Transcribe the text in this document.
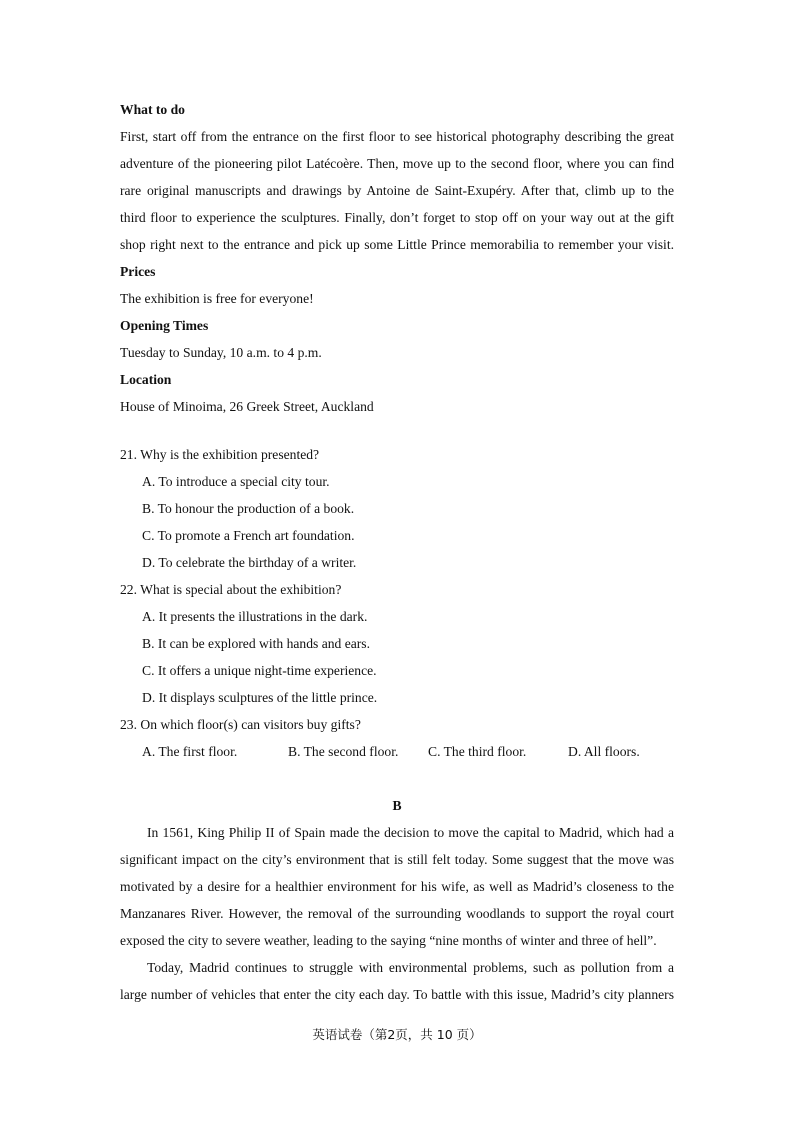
What to do
First, start off from the entrance on the first floor to see historical photography describing the great
adventure of the pioneering pilot Latécoère. Then, move up to the second floor, where you can find
rare original manuscripts and drawings by Antoine de Saint-Exupéry. After that, climb up to the
third floor to experience the sculptures. Finally, don’t forget to stop off on your way out at the gift
shop right next to the entrance and pick up some Little Prince memorabilia to remember your visit.
Prices
The exhibition is free for everyone!
Opening Times
Tuesday to Sunday, 10 a.m. to 4 p.m.
Location
House of Minoima, 26 Greek Street, Auckland
21. Why is the exhibition presented?
A. To introduce a special city tour.
B. To honour the production of a book.
C. To promote a French art foundation.
D. To celebrate the birthday of a writer.
22. What is special about the exhibition?
A. It presents the illustrations in the dark.
B. It can be explored with hands and ears.
C. It offers a unique night-time experience.
D. It displays sculptures of the little prince.
23. On which floor(s) can visitors buy gifts?
A. The first floor.	B. The second floor. C. The third floor.	D. All floors.
B
In 1561, King Philip II of Spain made the decision to move the capital to Madrid, which had a
significant impact on the city’s environment that is still felt today. Some suggest that the move was
motivated by a desire for a healthier environment for his wife, as well as Madrid’s closeness to the
Manzanares River. However, the removal of the surrounding woodlands to support the royal court
exposed the city to severe weather, leading to the saying “nine months of winter and three of hell”.
Today, Madrid continues to struggle with environmental problems, such as pollution from a
large number of vehicles that enter the city each day. To battle with this issue, Madrid’s city planners
英语试卷（第2页，共 10 页）
